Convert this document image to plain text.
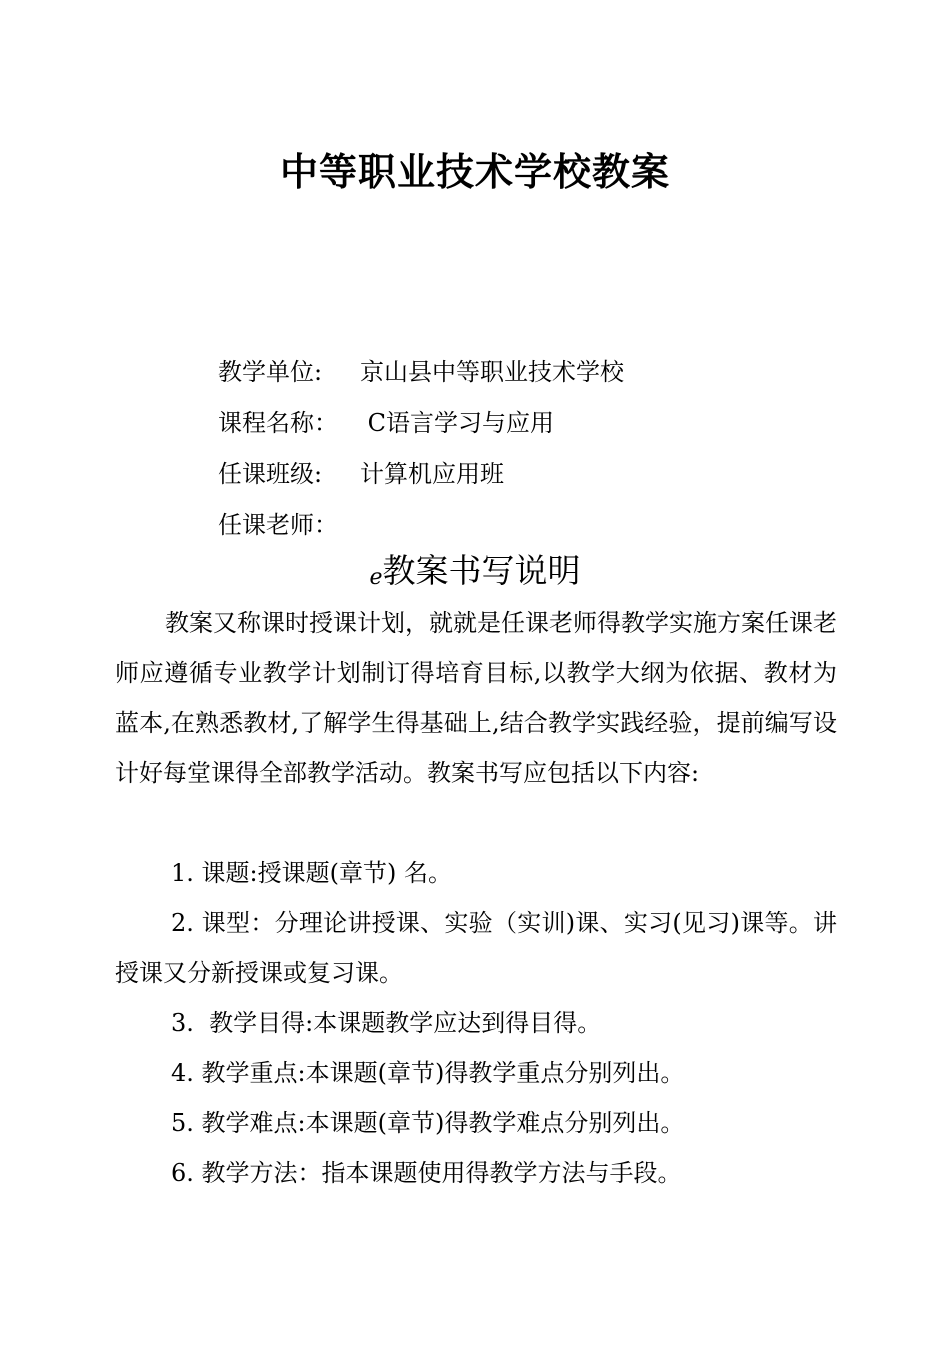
中等职业技术学校教案
教学单位: 京山县中等职业技术学校
课程名称： C语言学习与应用
任课班级: 计算机应用班
任课老师：
e教案书写说明

教案又称课时授课计划，就就是任课老师得教学实施方案任课老师应遵循专业教学计划制订得培育目标,以教学大纲为依据、教材为蓝本,在熟悉教材,了解学生得基础上,结合教学实践经验，提前编写设计好每堂课得全部教学活动。教案书写应包括以下内容:

1. 课题:授课题(章节) 名。

2. 课型：分理论讲授课、实验（实训)课、实习(见习)课等。讲授课又分新授课或复习课。

3.  教学目得:本课题教学应达到得目得。

4. 教学重点:本课题(章节)得教学重点分别列出。

5. 教学难点:本课题(章节)得教学难点分别列出。

6. 教学方法：指本课题使用得教学方法与手段。
